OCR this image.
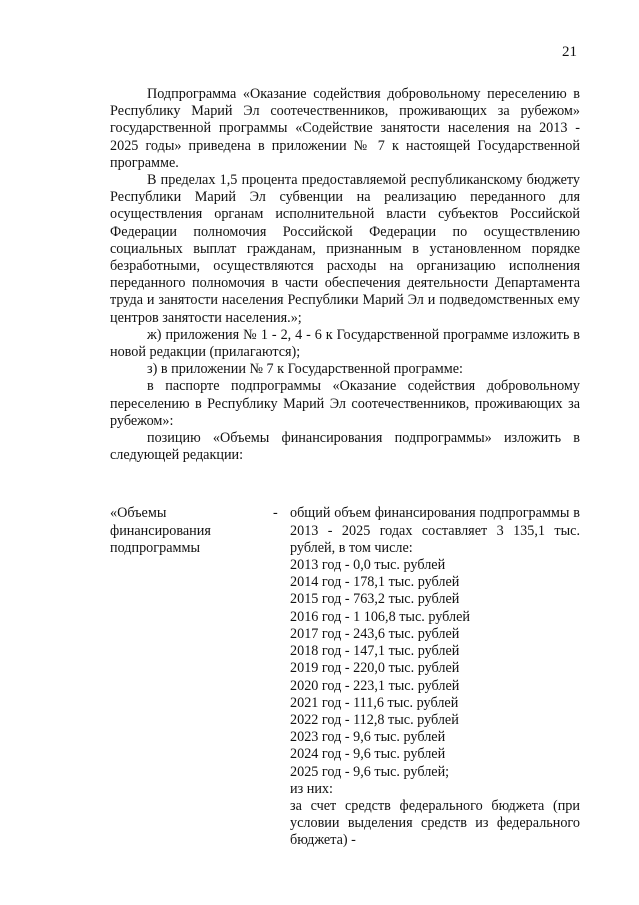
21

Подпрограмма «Оказание содействия добровольному переселению в Республику Марий Эл соотечественников, проживающих за рубежом» государственной программы «Содействие занятости населения на 2013 - 2025 годы» приведена в приложении № 7 к настоящей Государственной программе.

В пределах 1,5 процента предоставляемой республиканскому бюджету Республики Марий Эл субвенции на реализацию переданного для осуществления органам исполнительной власти субъектов Российской Федерации полномочия Российской Федерации по осуществлению социальных выплат гражданам, признанным в установленном порядке безработными, осуществляются расходы на организацию исполнения переданного полномочия в части обеспечения деятельности Департамента труда и занятости населения Республики Марий Эл и подведомственных ему центров занятости населения.»;

ж) приложения № 1 - 2, 4 - 6 к Государственной программе изложить в новой редакции (прилагаются);

з) в приложении № 7 к Государственной программе:

в паспорте подпрограммы «Оказание содействия добровольному переселению в Республику Марий Эл соотечественников, проживающих за рубежом»:

позицию «Объемы финансирования подпрограммы» изложить в следующей редакции:

«Объемы
финансирования
подпрограммы
- общий объем финансирования подпрограммы в 2013 - 2025 годах составляет 3 135,1 тыс. рублей, в том числе:

2013 год - 0,0 тыс. рублей
2014 год - 178,1 тыс. рублей
2015 год - 763,2 тыс. рублей
2016 год - 1 106,8 тыс. рублей
2017 год - 243,6 тыс. рублей
2018 год - 147,1 тыс. рублей
2019 год - 220,0 тыс. рублей
2020 год - 223,1 тыс. рублей
2021 год - 111,6 тыс. рублей
2022 год - 112,8 тыс. рублей
2023 год - 9,6 тыс. рублей
2024 год - 9,6 тыс. рублей
2025 год - 9,6 тыс. рублей;
из них:

за счет средств федерального бюджета (при условии выделения средств из федерального бюджета) -
